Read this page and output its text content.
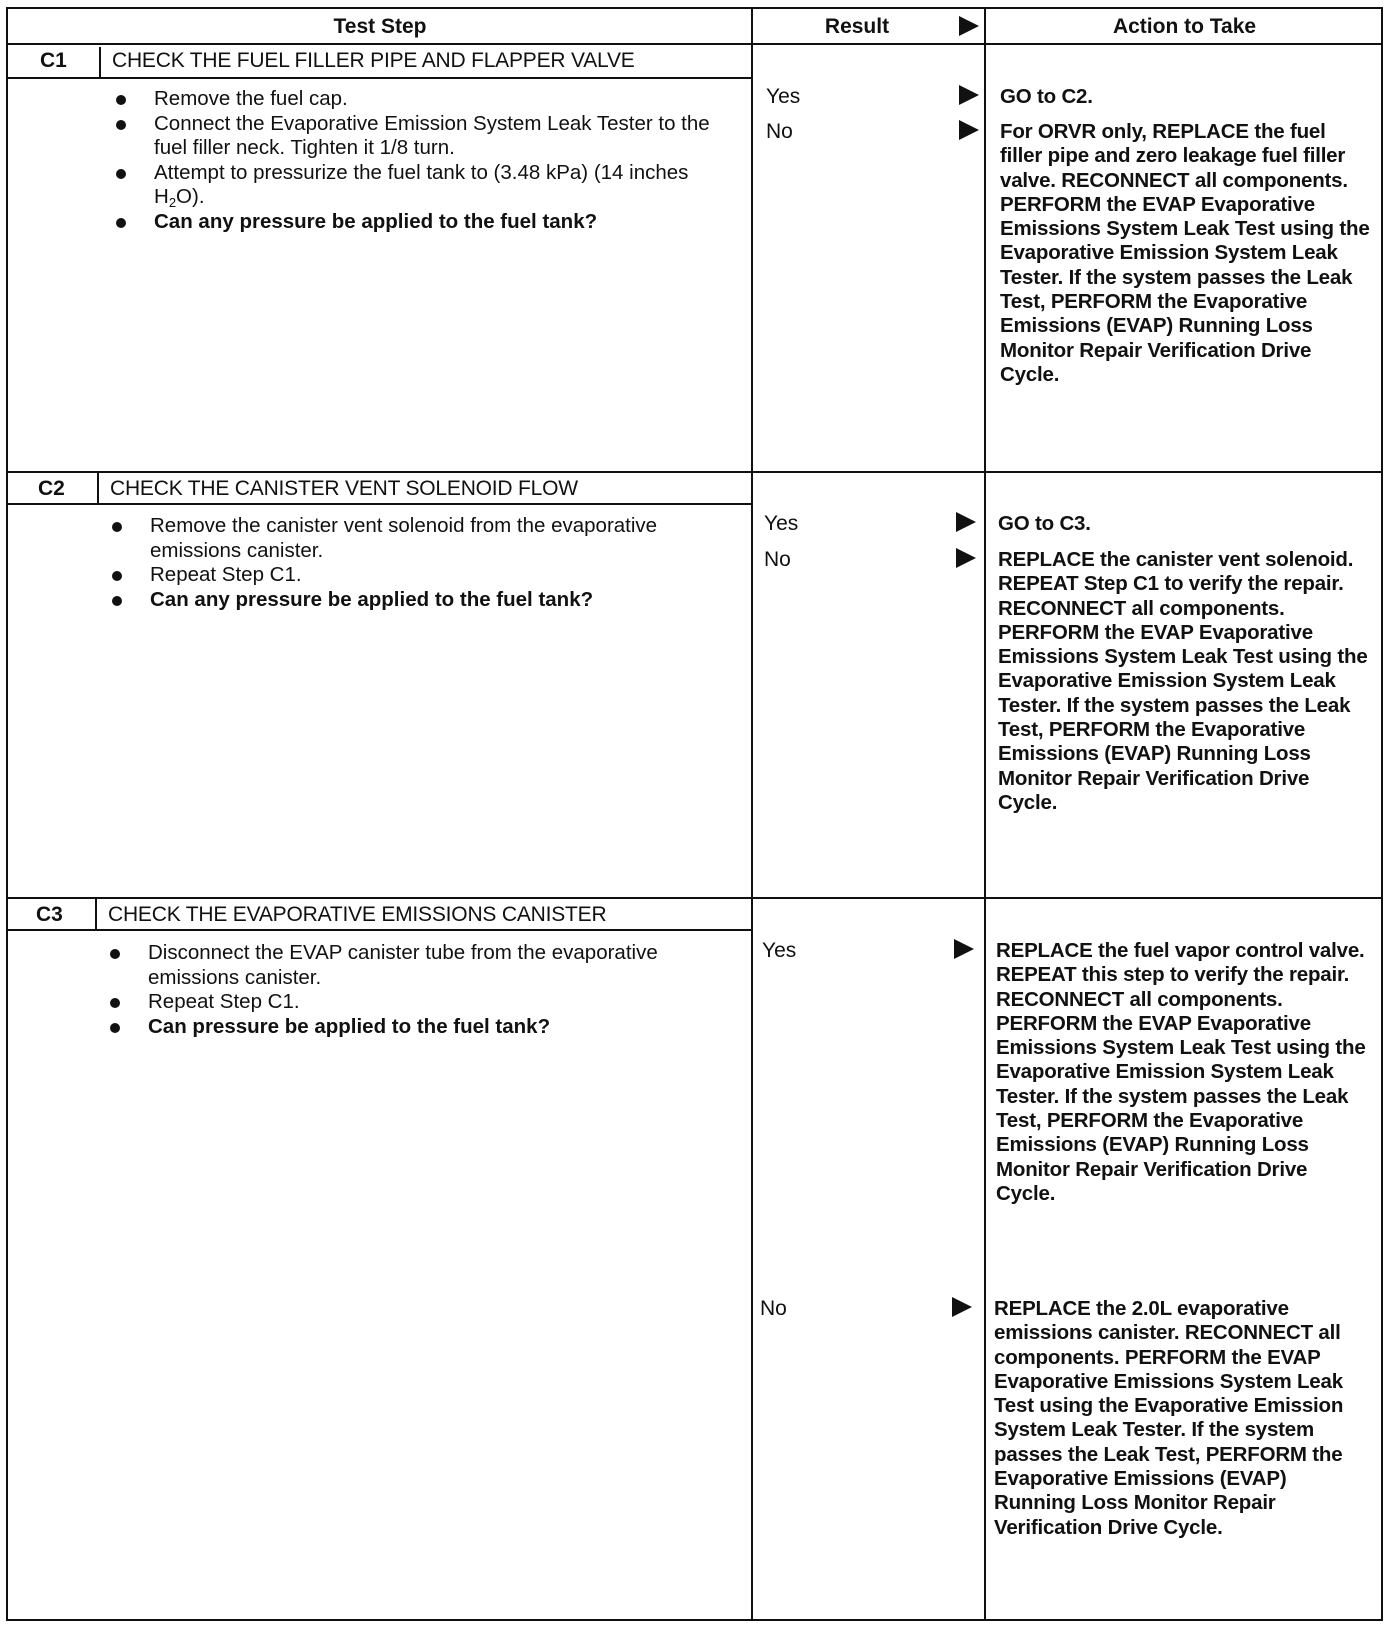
Test Step	Result	Action to Take
C1 CHECK THE FUEL FILLER PIPE AND FLAPPER VALVE
Remove the fuel cap.
Connect the Evaporative Emission System Leak Tester to the fuel filler neck. Tighten it 1/8 turn.
Attempt to pressurize the fuel tank to (3.48 kPa) (14 inches $H_2O$).
Can any pressure be applied to the fuel tank?
Yes	GO to C2.
No	For ORVR only, REPLACE the fuel filler pipe and zero leakage fuel filler valve. RECONNECT all components. PERFORM the EVAP Evaporative Emissions System Leak Test using the Evaporative Emission System Leak Tester. If the system passes the Leak Test, PERFORM the Evaporative Emissions (EVAP) Running Loss Monitor Repair Verification Drive Cycle.
C2 CHECK THE CANISTER VENT SOLENOID FLOW
Remove the canister vent solenoid from the evaporative emissions canister.
Repeat Step C1.
Can any pressure be applied to the fuel tank?
Yes	GO to C3.
No	REPLACE the canister vent solenoid. REPEAT Step C1 to verify the repair. RECONNECT all components. PERFORM the EVAP Evaporative Emissions System Leak Test using the Evaporative Emission System Leak Tester. If the system passes the Leak Test, PERFORM the Evaporative Emissions (EVAP) Running Loss Monitor Repair Verification Drive Cycle.
C3 CHECK THE EVAPORATIVE EMISSIONS CANISTER
Disconnect the EVAP canister tube from the evaporative emissions canister.
Repeat Step C1.
Can pressure be applied to the fuel tank?
Yes	REPLACE the fuel vapor control valve. REPEAT this step to verify the repair. RECONNECT all components. PERFORM the EVAP Evaporative Emissions System Leak Test using the Evaporative Emission System Leak Tester. If the system passes the Leak Test, PERFORM the Evaporative Emissions (EVAP) Running Loss Monitor Repair Verification Drive Cycle.
No	REPLACE the 2.0L evaporative emissions canister. RECONNECT all components. PERFORM the EVAP Evaporative Emissions System Leak Test using the Evaporative Emission System Leak Tester. If the system passes the Leak Test, PERFORM the Evaporative Emissions (EVAP) Running Loss Monitor Repair Verification Drive Cycle.
